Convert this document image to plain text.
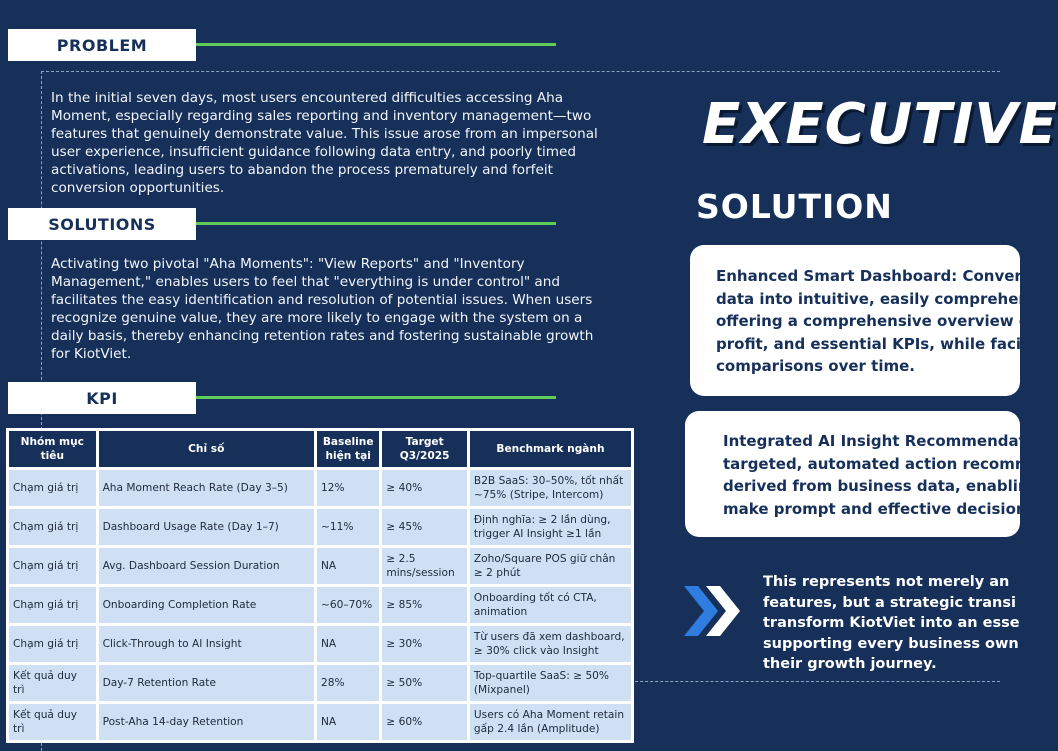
PROBLEM
In the initial seven days, most users encountered difficulties accessing Aha Moment, especially regarding sales reporting and inventory management—two features that genuinely demonstrate value. This issue arose from an impersonal user experience, insufficient guidance following data entry, and poorly timed activations, leading users to abandon the process prematurely and forfeit conversion opportunities.
SOLUTIONS
Activating two pivotal "Aha Moments": "View Reports" and "Inventory Management," enables users to feel that "everything is under control" and facilitates the easy identification and resolution of potential issues. When users recognize genuine value, they are more likely to engage with the system on a daily basis, thereby enhancing retention rates and fostering sustainable growth for KiotViet.
KPI
Nhóm mục tiêu	Chỉ số	Baseline hiện tại	Target Q3/2025	Benchmark ngành
Chạm giá trị	Aha Moment Reach Rate (Day 3–5)	12%	≥ 40%	B2B SaaS: 30–50%, tốt nhất ~75% (Stripe, Intercom)
Chạm giá trị	Dashboard Usage Rate (Day 1–7)	~11%	≥ 45%	Định nghĩa: ≥ 2 lần dùng, trigger AI Insight ≥1 lần
Chạm giá trị	Avg. Dashboard Session Duration	NA	≥ 2.5 mins/session	Zoho/Square POS giữ chân ≥ 2 phút
Chạm giá trị	Onboarding Completion Rate	~60–70%	≥ 85%	Onboarding tốt có CTA, animation
Chạm giá trị	Click-Through to AI Insight	NA	≥ 30%	Từ users đã xem dashboard, ≥ 30% click vào Insight
Kết quả duy trì	Day-7 Retention Rate	28%	≥ 50%	Top-quartile SaaS: ≥ 50% (Mixpanel)
Kết quả duy trì	Post-Aha 14-day Retention	NA	≥ 60%	Users có Aha Moment retain gấp 2.4 lần (Amplitude)
EXECUTIVE
SOLUTION
Enhanced Smart Dashboard: Conver
data into intuitive, easily comprehen
offering a comprehensive overview o
profit, and essential KPIs, while facil
comparisons over time.
Integrated AI Insight Recommendat
targeted, automated action recomm
derived from business data, enablin
make prompt and effective decision
This represents not merely an
features, but a strategic transi
transform KiotViet into an esse
supporting every business own
their growth journey.
